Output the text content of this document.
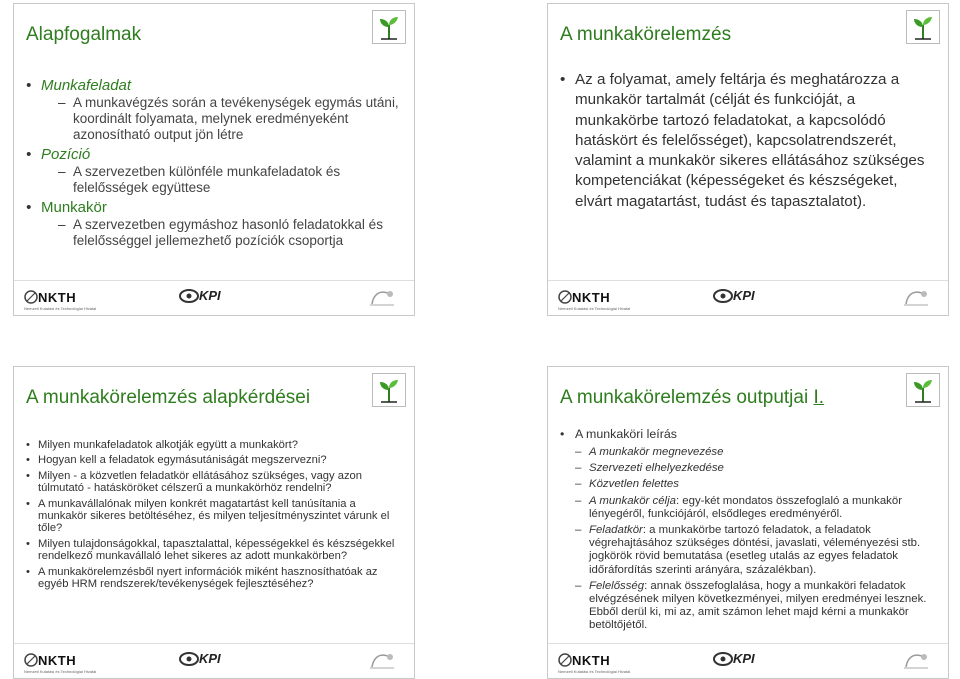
Alapfogalmak
• Munkafeladat
– A munkavégzés során a tevékenységek egymás utáni, koordinált folyamata, melynek eredményeként azonosítható output jön létre
• Pozíció
– A szervezetben különféle munkafeladatok és felelősségek együttese
• Munkakör
– A szervezetben egymáshoz hasonló feladatokkal és felelősséggel jellemezhető pozíciók csoportja
NKTH
Nemzeti Kutatási és Technológiai Hivatal
KPI
A munkakörelemzés
• Az a folyamat, amely feltárja és meghatározza a munkakör tartalmát (célját és funkcióját, a munkakörbe tartozó feladatokat, a kapcsolódó hatáskört és felelősséget), kapcsolatrendszerét, valamint a munkakör sikeres ellátásához szükséges kompetenciákat (képességeket és készségeket, elvárt magatartást, tudást és tapasztalatot).
NKTH
Nemzeti Kutatási és Technológiai Hivatal
KPI
A munkakörelemzés alapkérdései
• Milyen munkafeladatok alkotják együtt a munkakört?
• Hogyan kell a feladatok egymásutániságát megszervezni?
• Milyen - a közvetlen feladatkör ellátásához szükséges, vagy azon túlmutató - hatásköröket célszerű a munkakörhöz rendelni?
• A munkavállalónak milyen konkrét magatartást kell tanúsítania a munkakör sikeres betöltéséhez, és milyen teljesítményszintet várunk el tőle?
• Milyen tulajdonságokkal, tapasztalattal, képességekkel és készségekkel rendelkező munkavállaló lehet sikeres az adott munkakörben?
• A munkakörelemzésből nyert információk miként hasznosíthatóak az egyéb HRM rendszerek/tevékenységek fejlesztéséhez?
NKTH
Nemzeti Kutatási és Technológiai Hivatal
KPI
A munkakörelemzés outputjai I.
• A munkaköri leírás
– A munkakör megnevezése
– Szervezeti elhelyezkedése
– Közvetlen felettes
– A munkakör célja: egy-két mondatos összefoglaló a munkakör lényegéről, funkciójáról, elsődleges eredményéről.
– Feladatkör: a munkakörbe tartozó feladatok, a feladatok végrehajtásához szükséges döntési, javaslati, véleményezési stb. jogkörök rövid bemutatása (esetleg utalás az egyes feladatok időráfordítás szerinti arányára, százalékban).
– Felelősség: annak összefoglalása, hogy a munkaköri feladatok elvégzésének milyen következményei, milyen eredményei lesznek. Ebből derül ki, mi az, amit számon lehet majd kérni a munkakör betöltőjétől.
NKTH
Nemzeti Kutatási és Technológiai Hivatal
KPI
